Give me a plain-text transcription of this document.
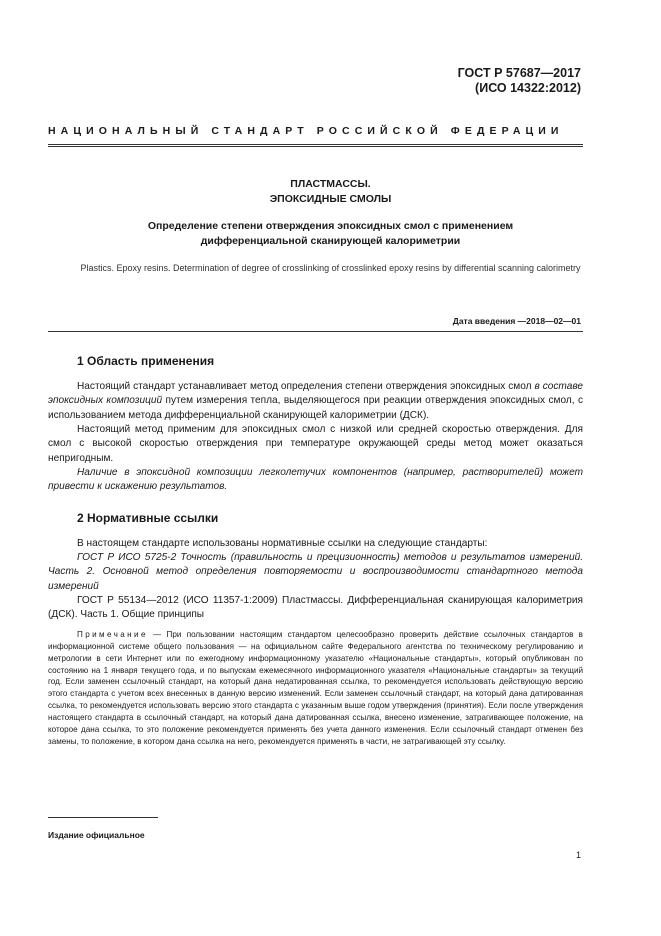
ГОСТ Р 57687—2017
(ИСО 14322:2012)
НАЦИОНАЛЬНЫЙ СТАНДАРТ РОССИЙСКОЙ ФЕДЕРАЦИИ
ПЛАСТМАССЫ.
ЭПОКСИДНЫЕ СМОЛЫ
Определение степени отверждения эпоксидных смол с применением
дифференциальной сканирующей калориметрии
Plastics. Epoxy resins. Determination of degree of crosslinking of crosslinked epoxy resins by differential scanning calorimetry
Дата введения —2018—02—01
1 Область применения
Настоящий стандарт устанавливает метод определения степени отверждения эпоксидных смол в составе эпоксидных композиций путем измерения тепла, выделяющегося при реакции отверждения эпоксидных смол, с использованием метода дифференциальной сканирующей калориметрии (ДСК).
Настоящий метод применим для эпоксидных смол с низкой или средней скоростью отверждения. Для смол с высокой скоростью отверждения при температуре окружающей среды метод может оказаться непригодным.
Наличие в эпоксидной композиции легколетучих компонентов (например, растворителей) может привести к искажению результатов.
2 Нормативные ссылки
В настоящем стандарте использованы нормативные ссылки на следующие стандарты:
ГОСТ Р ИСО 5725-2 Точность (правильность и прецизионность) методов и результатов измерений. Часть 2. Основной метод определения повторяемости и воспроизводимости стандартного метода измерений
ГОСТ Р 55134—2012 (ИСО 11357-1:2009) Пластмассы. Дифференциальная сканирующая калориметрия (ДСК). Часть 1. Общие принципы
Примечание — При пользовании настоящим стандартом целесообразно проверить действие ссылочных стандартов в информационной системе общего пользования — на официальном сайте Федерального агентства по техническому регулированию и метрологии в сети Интернет или по ежегодному информационному указателю «Национальные стандарты», который опубликован по состоянию на 1 января текущего года, и по выпускам ежемесячного информационного указателя «Национальные стандарты» за текущий год. Если заменен ссылочный стандарт, на который дана недатированная ссылка, то рекомендуется использовать действующую версию этого стандарта с учетом всех внесенных в данную версию изменений. Если заменен ссылочный стандарт, на который дана датированная ссылка, то рекомендуется использовать версию этого стандарта с указанным выше годом утверждения (принятия). Если после утверждения настоящего стандарта в ссылочный стандарт, на который дана датированная ссылка, внесено изменение, затрагивающее положение, на которое дана ссылка, то это положение рекомендуется применять без учета данного изменения. Если ссылочный стандарт отменен без замены, то положение, в котором дана ссылка на него, рекомендуется применять в части, не затрагивающей эту ссылку.
Издание официальное
1
